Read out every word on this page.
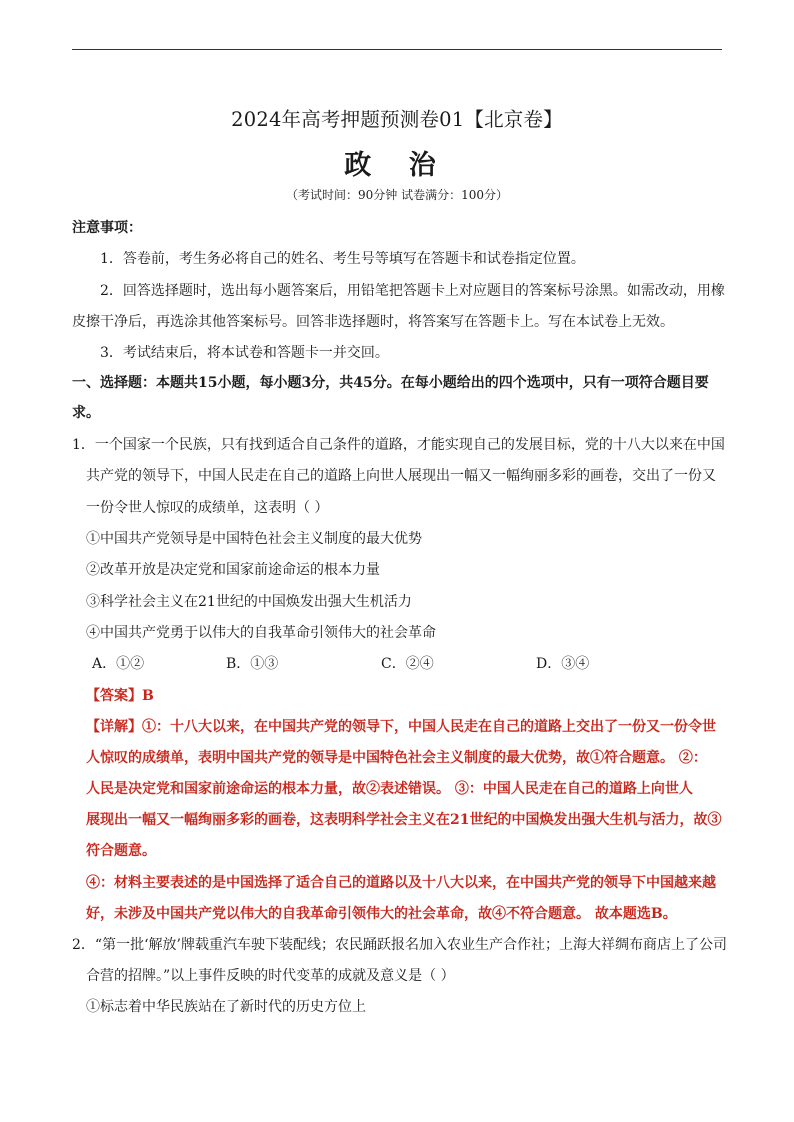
2024年高考押题预测卷01【北京卷】
政 治
（考试时间：90分钟 试卷满分：100分）
注意事项：
1．答卷前，考生务必将自己的姓名、考生号等填写在答题卡和试卷指定位置。
2．回答选择题时，选出每小题答案后，用铅笔把答题卡上对应题目的答案标号涂黑。如需改动，用橡
皮擦干净后，再选涂其他答案标号。回答非选择题时，将答案写在答题卡上。写在本试卷上无效。
3．考试结束后，将本试卷和答题卡一并交回。
一、选择题：本题共15小题，每小题3分，共45分。在每小题给出的四个选项中，只有一项符合题目要
求。
1．一个国家一个民族，只有找到适合自己条件的道路，才能实现自己的发展目标，党的十八大以来在中国
共产党的领导下，中国人民走在自己的道路上向世人展现出一幅又一幅绚丽多彩的画卷，交出了一份又
一份令世人惊叹的成绩单，这表明（ ）
①中国共产党领导是中国特色社会主义制度的最大优势
②改革开放是决定党和国家前途命运的根本力量
③科学社会主义在21世纪的中国焕发出强大生机活力
④中国共产党勇于以伟大的自我革命引领伟大的社会革命
A．①②	B．①③	C．②④	D．③④
【答案】B
【详解】①：十八大以来，在中国共产党的领导下，中国人民走在自己的道路上交出了一份又一份令世
人惊叹的成绩单，表明中国共产党的领导是中国特色社会主义制度的最大优势，故①符合题意。 ②：
人民是决定党和国家前途命运的根本力量，故②表述错误。 ③：中国人民走在自己的道路上向世人
展现出一幅又一幅绚丽多彩的画卷，这表明科学社会主义在21世纪的中国焕发出强大生机与活力，故③
符合题意。
④：材料主要表述的是中国选择了适合自己的道路以及十八大以来，在中国共产党的领导下中国越来越
好，未涉及中国共产党以伟大的自我革命引领伟大的社会革命，故④不符合题意。 故本题选B。
2．“第一批‘解放’牌载重汽车驶下装配线；农民踊跃报名加入农业生产合作社；上海大祥绸布商店上了公司
合营的招牌。”以上事件反映的时代变革的成就及意义是（ ）
①标志着中华民族站在了新时代的历史方位上
